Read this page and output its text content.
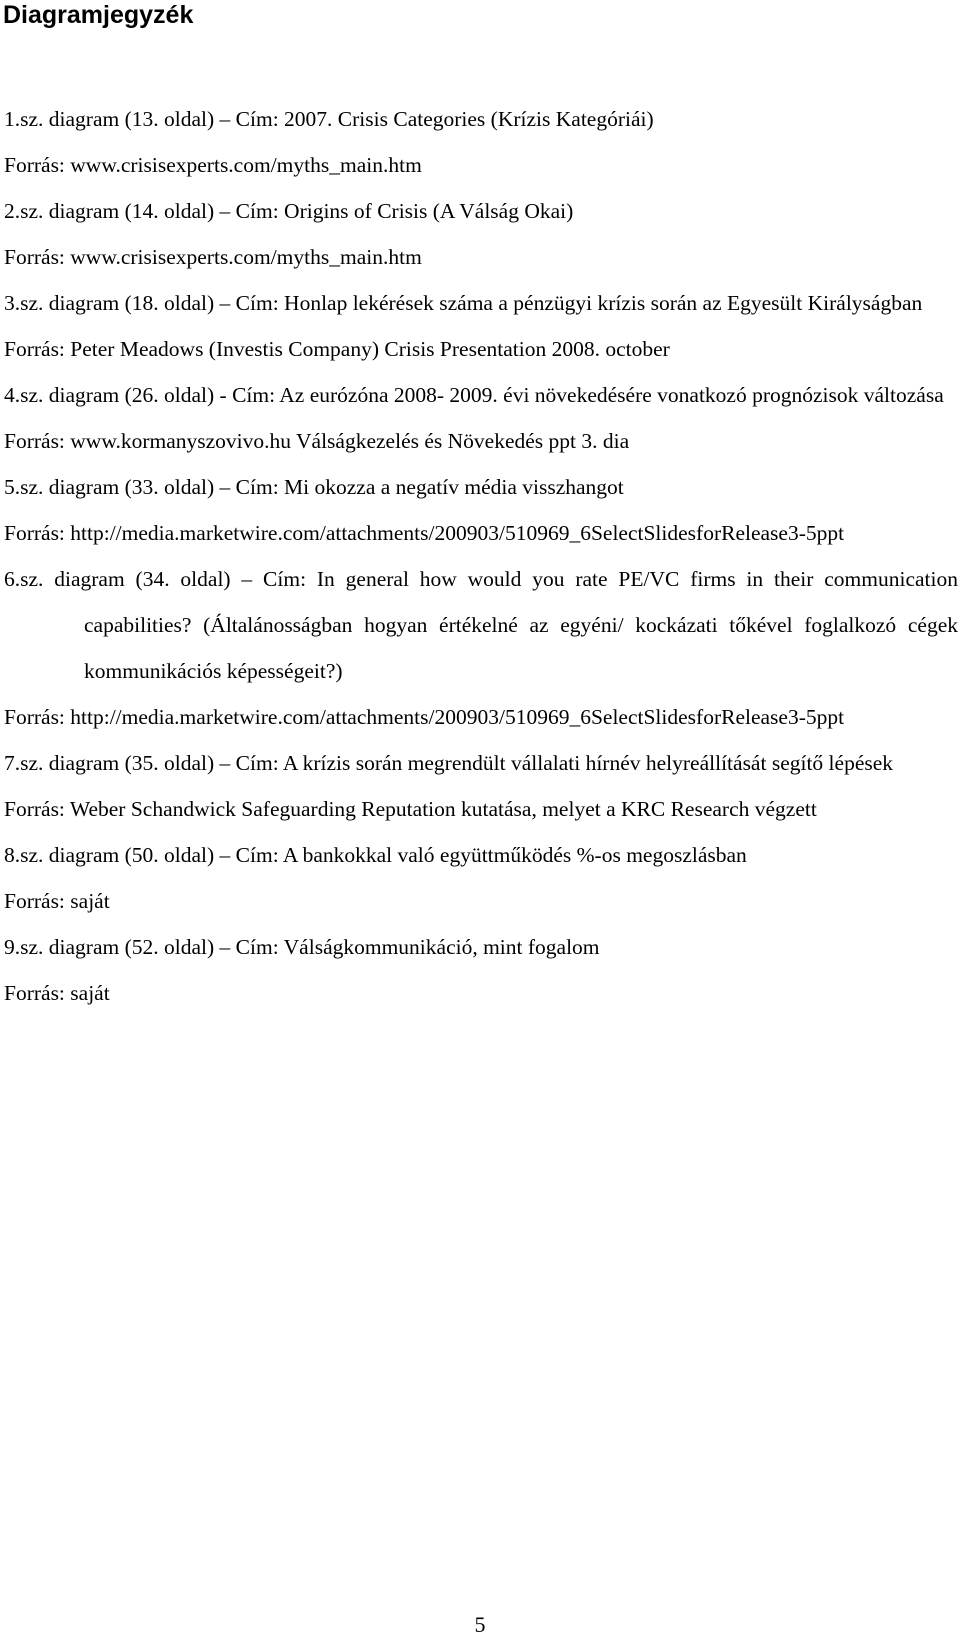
Diagramjegyzék

1.sz. diagram (13. oldal) – Cím: 2007. Crisis Categories (Krízis Kategóriái)

Forrás: www.crisisexperts.com/myths_main.htm

2.sz. diagram (14. oldal) – Cím: Origins of Crisis (A Válság Okai)

Forrás: www.crisisexperts.com/myths_main.htm

3.sz. diagram (18. oldal) – Cím: Honlap lekérések száma a pénzügyi krízis során az Egyesült Királyságban

Forrás: Peter Meadows (Investis Company) Crisis Presentation 2008. october

4.sz. diagram (26. oldal) - Cím: Az eurózóna 2008- 2009. évi növekedésére vonatkozó prognózisok változása

Forrás: www.kormanyszovivo.hu Válságkezelés és Növekedés ppt 3. dia

5.sz. diagram (33. oldal) – Cím: Mi okozza a negatív média visszhangot

Forrás: http://media.marketwire.com/attachments/200903/510969_6SelectSlidesforRelease3-5ppt

6.sz. diagram (34. oldal) – Cím: In general how would you rate PE/VC firms in their communication capabilities? (Általánosságban hogyan értékelné az egyéni/ kockázati tőkével foglalkozó cégek kommunikációs képességeit?)

Forrás: http://media.marketwire.com/attachments/200903/510969_6SelectSlidesforRelease3-5ppt

7.sz. diagram (35. oldal) – Cím: A krízis során megrendült vállalati hírnév helyreállítását segítő lépések

Forrás: Weber Schandwick Safeguarding Reputation kutatása, melyet a KRC Research végzett

8.sz. diagram (50. oldal) – Cím: A bankokkal való együttműködés %-os megoszlásban

Forrás: saját

9.sz. diagram (52. oldal) – Cím: Válságkommunikáció, mint fogalom

Forrás: saját

5
